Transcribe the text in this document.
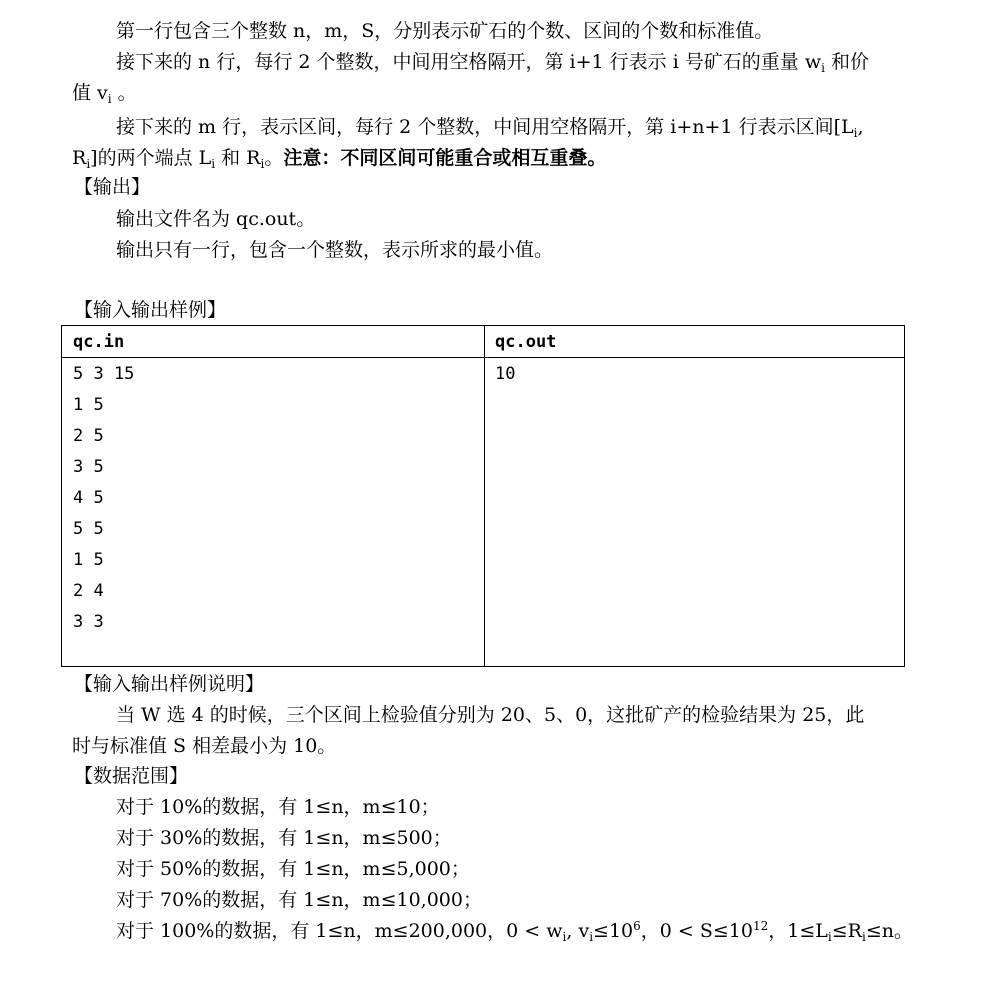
第一行包含三个整数 n，m，S，分别表示矿石的个数、区间的个数和标准值。
接下来的 n 行，每行 2 个整数，中间用空格隔开，第 i+1 行表示 i 号矿石的重量 $w_i$ 和价
值 $v_i$ 。
接下来的 m 行，表示区间，每行 2 个整数，中间用空格隔开，第 i+n+1 行表示区间[$L_i$,
$R_i$]的两个端点 $L_i$ 和 $R_i$。注意：不同区间可能重合或相互重叠。
【输出】
输出文件名为 qc.out。
输出只有一行，包含一个整数，表示所求的最小值。
【输入输出样例】
qc.in	qc.out
5 3 15
1 5
2 5
3 5
4 5
5 5
1 5
2 4
3 3
10
【输入输出样例说明】
当 W 选 4 的时候，三个区间上检验值分别为 20、5、0，这批矿产的检验结果为 25，此
时与标准值 S 相差最小为 10。
【数据范围】
对于 10%的数据，有 1≤n，m≤10；
对于 30%的数据，有 1≤n，m≤500；
对于 50%的数据，有 1≤n，m≤5,000；
对于 70%的数据，有 1≤n，m≤10,000；
对于 100%的数据，有 1≤n，m≤200,000，$0 < w_i$, $v_i\le 10^6$，$0 < S\le 10^{12}$，$1\le L_i\le R_i\le n$。
